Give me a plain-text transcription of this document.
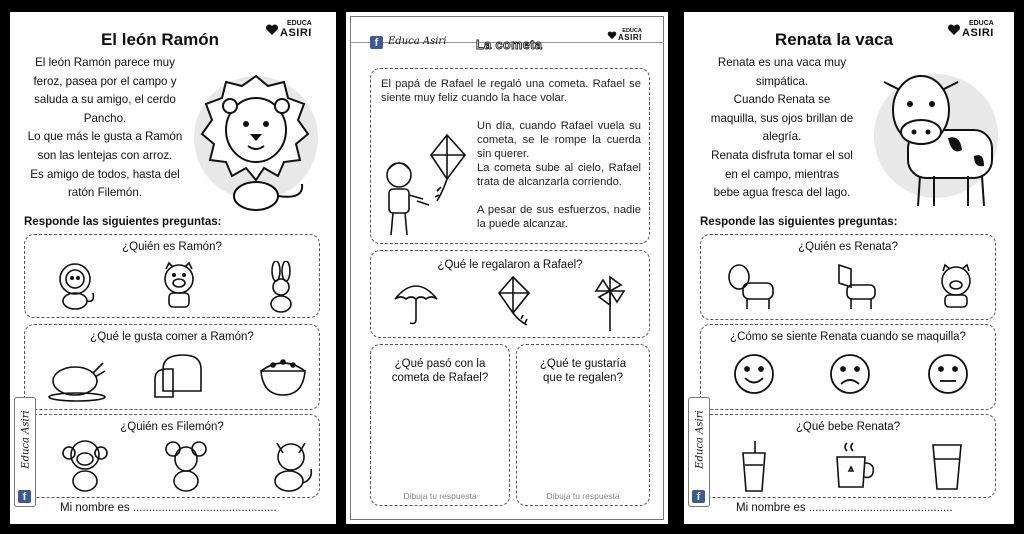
EDUCA
ASIRI
El león Ramón
El león Ramón parece muy
feroz, pasea por el campo y
saluda a su amigo, el cerdo
Pancho.
Lo que más le gusta a Ramón
son las lentejas con arroz.
Es amigo de todos, hasta del
ratón Filemón.
Responde las siguientes preguntas:
¿Quién es Ramón?
¿Qué le gusta comer a Ramón?
¿Quién es Filemón?
f
Educa Asiri
Mi nombre es .............................................
f Educa Asiri La cometa
EDUCA
ASIRI
El papá de Rafael le regaló una cometa. Rafael se siente muy feliz cuando la hace volar.
Un día, cuando Rafael vuela su cometa, se le rompe la cuerda sin querer.
La cometa sube al cielo, Rafael trata de alcanzarla corriendo.
A pesar de sus esfuerzos, nadie la puede alcanzar.
¿Qué le regalaron a Rafael?
¿Qué pasó con la cometa de Rafael?
Dibuja tu respuesta
¿Qué te gustaría que te regalen?
Dibuja tu respuesta
EDUCA
ASIRI
Renata la vaca
Renata es una vaca muy
simpática.
Cuando Renata se
maquilla, sus ojos brillan de
alegría.
Renata disfruta tomar el sol
en el campo, mientras
bebe agua fresca del lago.
Responde las siguientes preguntas:
¿Quién es Renata?
¿Cómo se siente Renata cuando se maquilla?
¿Qué bebe Renata?
f
Educa Asiri
Mi nombre es .............................................
